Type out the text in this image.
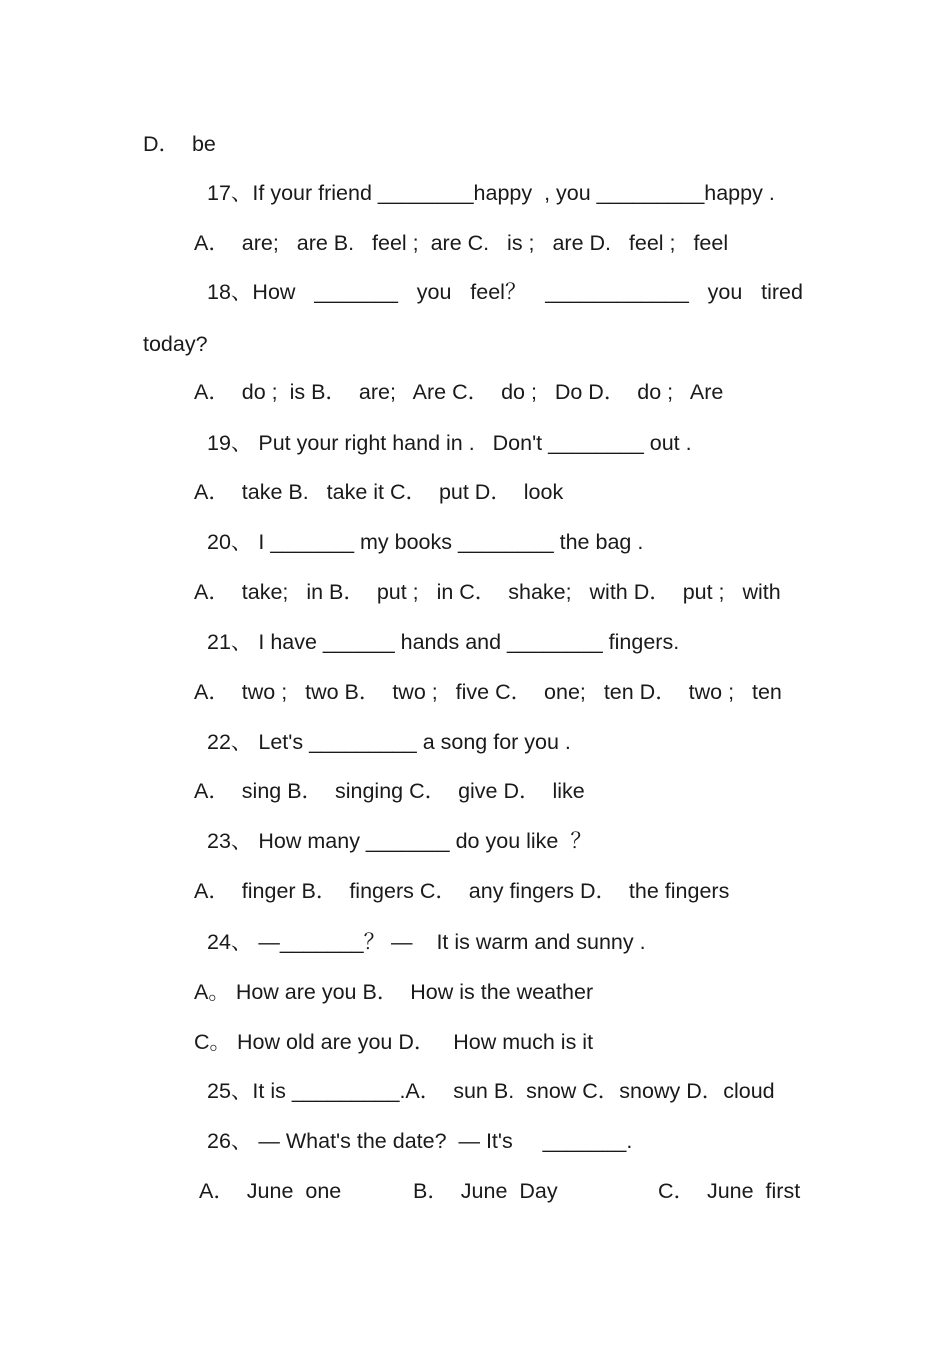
D．  be
17、If your friend ________happy  , you _________happy .
A．  are;   are B.   feel ;  are C.   is ;   are D.   feel ;   feel
18、How _______ you feel？ ____________ you tired
today?
A．  do ;  is B．  are;   Are C．  do ;   Do D．  do ;   Are
19、 Put your right hand in .   Don't ________ out .
A．  take B.   take it C．  put D．  look
20、 I _______ my books ________ the bag .
A．  take;   in B．  put ;   in C．  shake;   with D．  put ;   with
21、 I have ______ hands and ________ fingers.
A．  two ;   two B．  two ;   five C．  one;   ten D．  two ;   ten
22、 Let's _________ a song for you .
A．  sing B．  singing C．  give D．  like
23、 How many _______ do you like  ？
A．  finger B．  fingers C．  any fingers D．  the fingers
24、 —_______？ —    It is warm and sunny .
A。 How are you B．  How is the weather
C。 How old are you D．   How much is it
25、It is _________.A．  sun B.  snow C．snowy D．cloud
26、 — What's the date?  — It's     _______.
A．  June  one	B．  June  Day	C．  June  first
